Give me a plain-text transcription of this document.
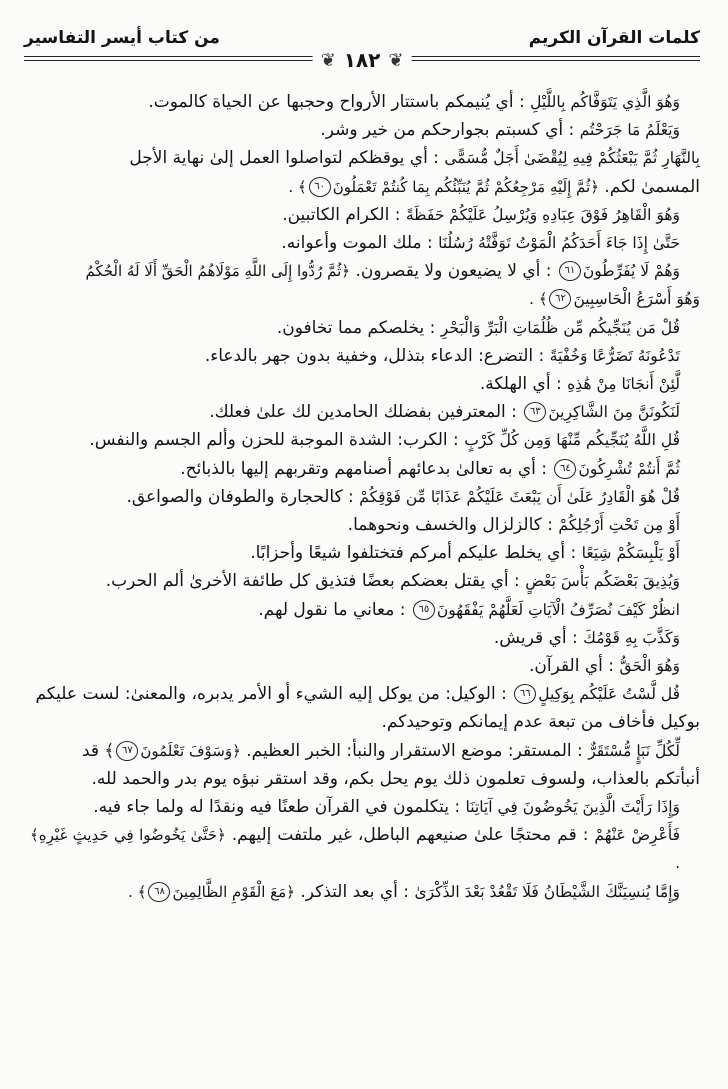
كلمات القرآن الكريم
من كتاب أيسر التفاسير
❦ ١٨٢ ❦

وَهُوَ الَّذِي يَتَوَفَّاكُم بِاللَّيْلِ : أي يُنيمكم باستتار الأرواح وحجبها عن الحياة كالموت.

وَيَعْلَمُ مَا جَرَحْتُم : أي كسبتم بجوارحكم من خير وشر.

بِالنَّهَارِ ثُمَّ يَبْعَثُكُمْ فِيهِ لِيُقْضَىٰ أَجَلٌ مُّسَمًّى : أي يوقظكم لتواصلوا العمل إلىٰ نهاية الأجل

المسمىٰ لكم. ﴿ثُمَّ إِلَيْهِ مَرْجِعُكُمْ ثُمَّ يُنَبِّئُكُم بِمَا كُنتُمْ تَعْمَلُونَ٦٠﴾ .

وَهُوَ الْقَاهِرُ فَوْقَ عِبَادِهِ وَيُرْسِلُ عَلَيْكُمْ حَفَظَةً : الكرام الكاتبين.

حَتَّىٰ إِذَا جَاءَ أَحَدَكُمُ الْمَوْتُ تَوَفَّتْهُ رُسُلُنَا : ملك الموت وأعوانه.

وَهُمْ لَا يُفَرِّطُونَ٦١ : أي لا يضيعون ولا يقصرون. ﴿ثُمَّ رُدُّوا إِلَى اللَّهِ مَوْلَاهُمُ الْحَقِّ أَلَا لَهُ الْحُكْمُ

وَهُوَ أَسْرَعُ الْحَاسِبِينَ٦٢﴾ .

قُلْ مَن يُنَجِّيكُم مِّن ظُلُمَاتِ الْبَرِّ وَالْبَحْرِ : يخلصكم مما تخافون.

تَدْعُونَهُ تَضَرُّعًا وَخُفْيَةً : التضرع: الدعاء بتذلل، وخفية بدون جهر بالدعاء.

لَّئِنْ أَنجَانَا مِنْ هَٰذِهِ : أي الهلكة.

لَنَكُونَنَّ مِنَ الشَّاكِرِينَ٦٣ : المعترفين بفضلك الحامدين لك علىٰ فعلك.

قُلِ اللَّهُ يُنَجِّيكُم مِّنْهَا وَمِن كُلِّ كَرْبٍ : الكرب: الشدة الموجبة للحزن وألم الجسم والنفس.

ثُمَّ أَنتُمْ تُشْرِكُونَ٦٤ : أي به تعالىٰ بدعائهم أصنامهم وتقربهم إليها بالذبائح.

قُلْ هُوَ الْقَادِرُ عَلَىٰ أَن يَبْعَثَ عَلَيْكُمْ عَذَابًا مِّن فَوْقِكُمْ : كالحجارة والطوفان والصواعق.

أَوْ مِن تَحْتِ أَرْجُلِكُمْ : كالزلزال والخسف ونحوهما.

أَوْ يَلْبِسَكُمْ شِيَعًا : أي يخلط عليكم أمركم فتختلفوا شيعًا وأحزابًا.

وَيُذِيقَ بَعْضَكُم بَأْسَ بَعْضٍ : أي يقتل بعضكم بعضًا فتذيق كل طائفة الأخرىٰ ألم الحرب.

انظُرْ كَيْفَ نُصَرِّفُ الْآيَاتِ لَعَلَّهُمْ يَفْقَهُونَ٦٥ : معاني ما نقول لهم.

وَكَذَّبَ بِهِ قَوْمُكَ : أي قريش.

وَهُوَ الْحَقُّ : أي القرآن.

قُل لَّسْتُ عَلَيْكُم بِوَكِيلٍ٦٦ : الوكيل: من يوكل إليه الشيء أو الأمر يدبره، والمعنىٰ: لست عليكم

بوكيل فأخاف من تبعة عدم إيمانكم وتوحيدكم.

لِّكُلِّ نَبَإٍ مُّسْتَقَرٌّ : المستقر: موضع الاستقرار والنبأ: الخبر العظيم. ﴿وَسَوْفَ تَعْلَمُونَ٦٧﴾ قد

أنبأتكم بالعذاب، ولسوف تعلمون ذلك يوم يحل بكم، وقد استقر نبؤه يوم بدر والحمد لله.

وَإِذَا رَأَيْتَ الَّذِينَ يَخُوضُونَ فِي آيَاتِنَا : يتكلمون في القرآن طعنًا فيه ونقدًا له ولما جاء فيه.

فَأَعْرِضْ عَنْهُمْ : قم محتجًا علىٰ صنيعهم الباطل، غير ملتفت إليهم. ﴿حَتَّىٰ يَخُوضُوا فِي حَدِيثٍ غَيْرِهِ﴾ .

وَإِمَّا يُنسِيَنَّكَ الشَّيْطَانُ فَلَا تَقْعُدْ بَعْدَ الذِّكْرَىٰ : أي بعد التذكر. ﴿مَعَ الْقَوْمِ الظَّالِمِينَ٦٨﴾ .
